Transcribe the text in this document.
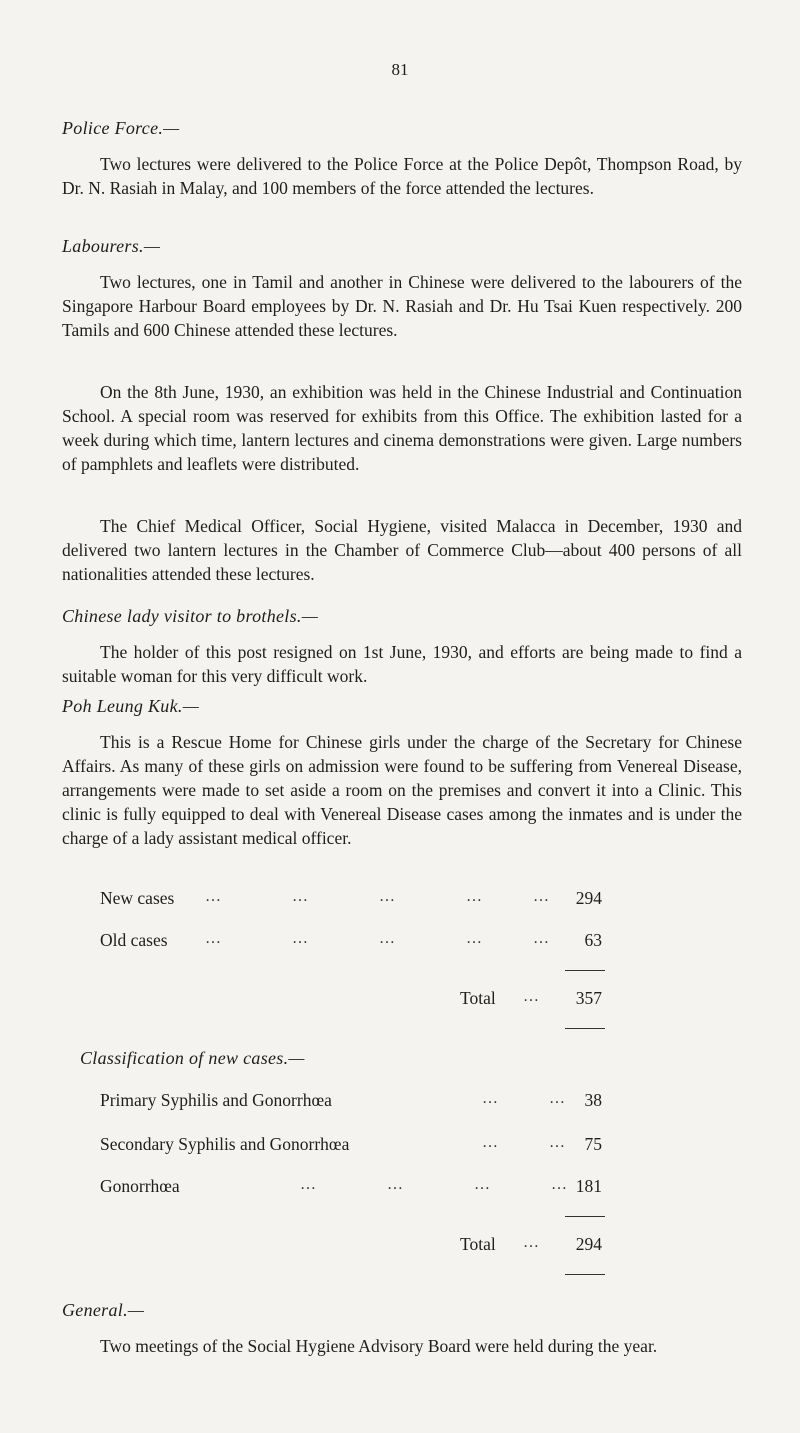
81
Police Force.—
Two lectures were delivered to the Police Force at the Police Depôt, Thompson Road, by Dr. N. Rasiah in Malay, and 100 members of the force attended the lectures.
Labourers.—
Two lectures, one in Tamil and another in Chinese were delivered to the labourers of the Singapore Harbour Board employees by Dr. N. Rasiah and Dr. Hu Tsai Kuen respectively. 200 Tamils and 600 Chinese attended these lectures.
On the 8th June, 1930, an exhibition was held in the Chinese Industrial and Continuation School. A special room was reserved for exhibits from this Office. The exhibition lasted for a week during which time, lantern lectures and cinema demonstrations were given. Large numbers of pamphlets and leaflets were distributed.
The Chief Medical Officer, Social Hygiene, visited Malacca in December, 1930 and delivered two lantern lectures in the Chamber of Commerce Club—about 400 persons of all nationalities attended these lectures.
Chinese lady visitor to brothels.—
The holder of this post resigned on 1st June, 1930, and efforts are being made to find a suitable woman for this very difficult work.
Poh Leung Kuk.—
This is a Rescue Home for Chinese girls under the charge of the Secretary for Chinese Affairs. As many of these girls on admission were found to be suffering from Venereal Disease, arrangements were made to set aside a room on the premises and convert it into a Clinic. This clinic is fully equipped to deal with Venereal Disease cases among the inmates and is under the charge of a lady assistant medical officer.
New cases …              …              …              …          … 294
Old cases …              …              …              …          … 63
Total … 357
Classification of new cases.—
Primary Syphilis and Gonorrhœa	…          … 38
Secondary Syphilis and Gonorrhœa	…          … 75
Gonorrhœa	…              …              …            … 181
Total … 294
General.—
Two meetings of the Social Hygiene Advisory Board were held during the year.
